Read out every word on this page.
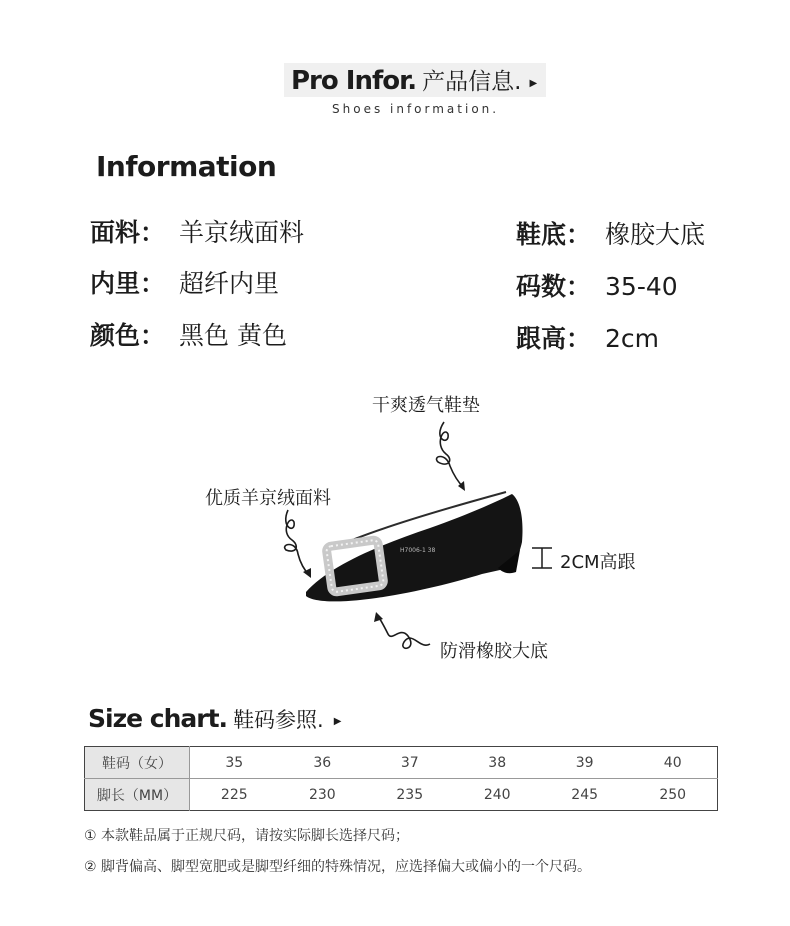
Pro Infor. 产品信息. ▶
Shoes information.
Information
面料： 羊京绒面料
内里： 超纤内里
颜色： 黑色 黄色
鞋底： 橡胶大底
码数： 35-40
跟高： 2cm
H7006-1 38
干爽透气鞋垫
优质羊京绒面料
2CM高跟
防滑橡胶大底
Size chart. 鞋码参照. ▶
鞋码（女）	35	36	37	38	39	40
脚长（MM）	225	230	235	240	245	250
① 本款鞋品属于正规尺码，请按实际脚长选择尺码；
② 脚背偏高、脚型宽肥或是脚型纤细的特殊情况，应选择偏大或偏小的一个尺码。
